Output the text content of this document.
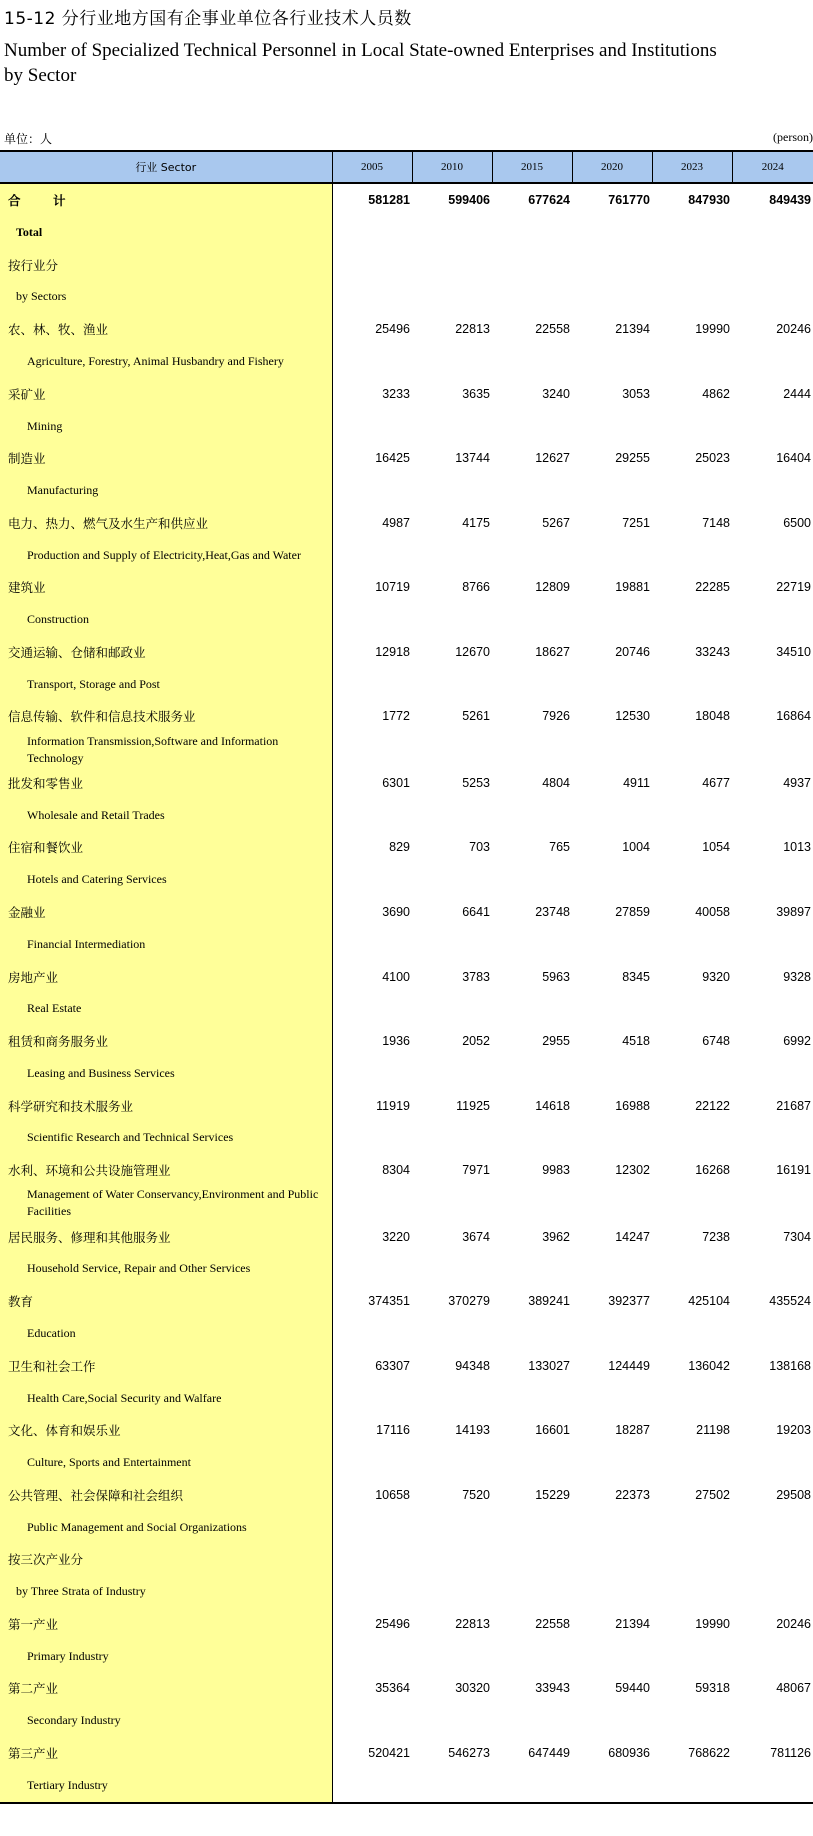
15-12 分行业地方国有企事业单位各行业技术人员数
Number of Specialized Technical Personnel in Local State-owned Enterprises and Institutions by Sector
单位：人	(person)
行业 Sector	2005	2010	2015	2020	2023	2024
合　计	581281	599406	677624	761770	847930	849439
Total						
按行业分						
by Sectors						
农、林、牧、渔业	25496	22813	22558	21394	19990	20246
Agriculture, Forestry, Animal Husbandry and Fishery						
采矿业	3233	3635	3240	3053	4862	2444
Mining						
制造业	16425	13744	12627	29255	25023	16404
Manufacturing						
电力、热力、燃气及水生产和供应业	4987	4175	5267	7251	7148	6500
Production and Supply of Electricity,Heat,Gas and Water						
建筑业	10719	8766	12809	19881	22285	22719
Construction						
交通运输、仓储和邮政业	12918	12670	18627	20746	33243	34510
Transport, Storage and Post						
信息传输、软件和信息技术服务业	1772	5261	7926	12530	18048	16864
Information Transmission,Software and Information Technology						
批发和零售业	6301	5253	4804	4911	4677	4937
Wholesale and Retail Trades						
住宿和餐饮业	829	703	765	1004	1054	1013
Hotels and Catering Services						
金融业	3690	6641	23748	27859	40058	39897
Financial Intermediation						
房地产业	4100	3783	5963	8345	9320	9328
Real Estate						
租赁和商务服务业	1936	2052	2955	4518	6748	6992
Leasing and Business Services						
科学研究和技术服务业	11919	11925	14618	16988	22122	21687
Scientific Research and Technical Services						
水利、环境和公共设施管理业	8304	7971	9983	12302	16268	16191
Management of Water Conservancy,Environment and Public Facilities						
居民服务、修理和其他服务业	3220	3674	3962	14247	7238	7304
Household Service, Repair and Other Services						
教育	374351	370279	389241	392377	425104	435524
Education						
卫生和社会工作	63307	94348	133027	124449	136042	138168
Health Care,Social Security and Walfare						
文化、体育和娱乐业	17116	14193	16601	18287	21198	19203
Culture, Sports and Entertainment						
公共管理、社会保障和社会组织	10658	7520	15229	22373	27502	29508
Public Management and Social Organizations						
按三次产业分						
by Three Strata of Industry						
第一产业	25496	22813	22558	21394	19990	20246
Primary Industry						
第二产业	35364	30320	33943	59440	59318	48067
Secondary Industry						
第三产业	520421	546273	647449	680936	768622	781126
Tertiary Industry						
